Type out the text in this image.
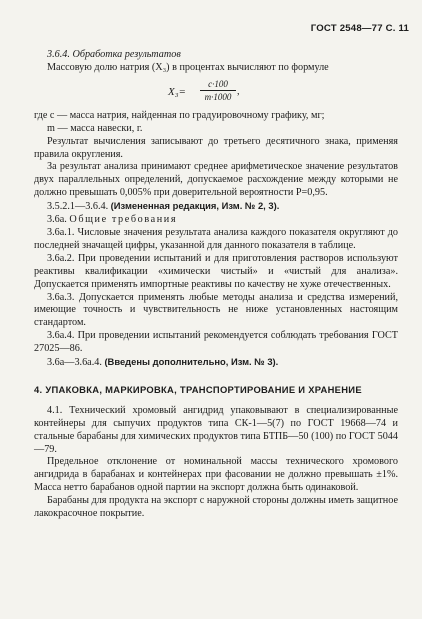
ГОСТ 2548—77 С. 11

3.6.4. Обработка результатов

Массовую долю натрия (X₃) в процентах вычисляют по формуле

$X_3= \frac{c\cdot 100}{m\cdot 1000}$ ,

где c — масса натрия, найденная по градуировочному графику, мг;

m — масса навески, г.

Результат вычисления записывают до третьего десятичного знака, применяя правила округления.

За результат анализа принимают среднее арифметическое значение результатов двух параллельных определений, допускаемое расхождение между которыми не должно превышать 0,005% при доверительной вероятности P=0,95.

3.5.2.1—3.6.4. (Измененная редакция, Изм. № 2, 3).

3.6а. Общие требования

3.6а.1. Числовые значения результата анализа каждого показателя округляют до последней значащей цифры, указанной для данного показателя в таблице.

3.6а.2. При проведении испытаний и для приготовления растворов используют реактивы квалификации «химически чистый» и «чистый для анализа». Допускается применять импортные реактивы по качеству не хуже отечественных.

3.6а.3. Допускается применять любые методы анализа и средства измерений, имеющие точность и чувствительность не ниже установленных настоящим стандартом.

3.6а.4. При проведении испытаний рекомендуется соблюдать требования ГОСТ 27025—86.

3.6а—3.6а.4. (Введены дополнительно, Изм. № 3).

4. УПАКОВКА, МАРКИРОВКА, ТРАНСПОРТИРОВАНИЕ И ХРАНЕНИЕ

4.1. Технический хромовый ангидрид упаковывают в специализированные контейнеры для сыпучих продуктов типа СК-1—5(7) по ГОСТ 19668—74 и стальные барабаны для химических продуктов типа БТПБ—50 (100) по ГОСТ 5044—79.

Предельное отклонение от номинальной массы технического хромового ангидрида в барабанах и контейнерах при фасовании не должно превышать ±1%. Масса нетто барабанов одной партии на экспорт должна быть одинаковой.

Барабаны для продукта на экспорт с наружной стороны должны иметь защитное лакокрасочное покрытие.
